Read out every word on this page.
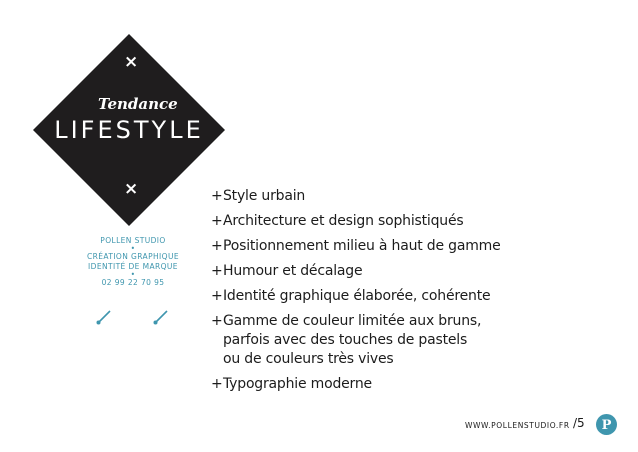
×
Tendance
LIFESTYLE
×
POLLEN STUDIO
•
CRÉATION GRAPHIQUE
IDENTITÉ DE MARQUE
•
02 99 22 70 95
+Style urbain
+Architecture et design sophistiqués
+Positionnement milieu à haut de gamme
+Humour et décalage
+Identité graphique élaborée, cohérente
+Gamme de couleur limitée aux bruns,
parfois avec des touches de pastels
ou de couleurs très vives
+Typographie moderne
WWW.POLLENSTUDIO.FR /5 P
